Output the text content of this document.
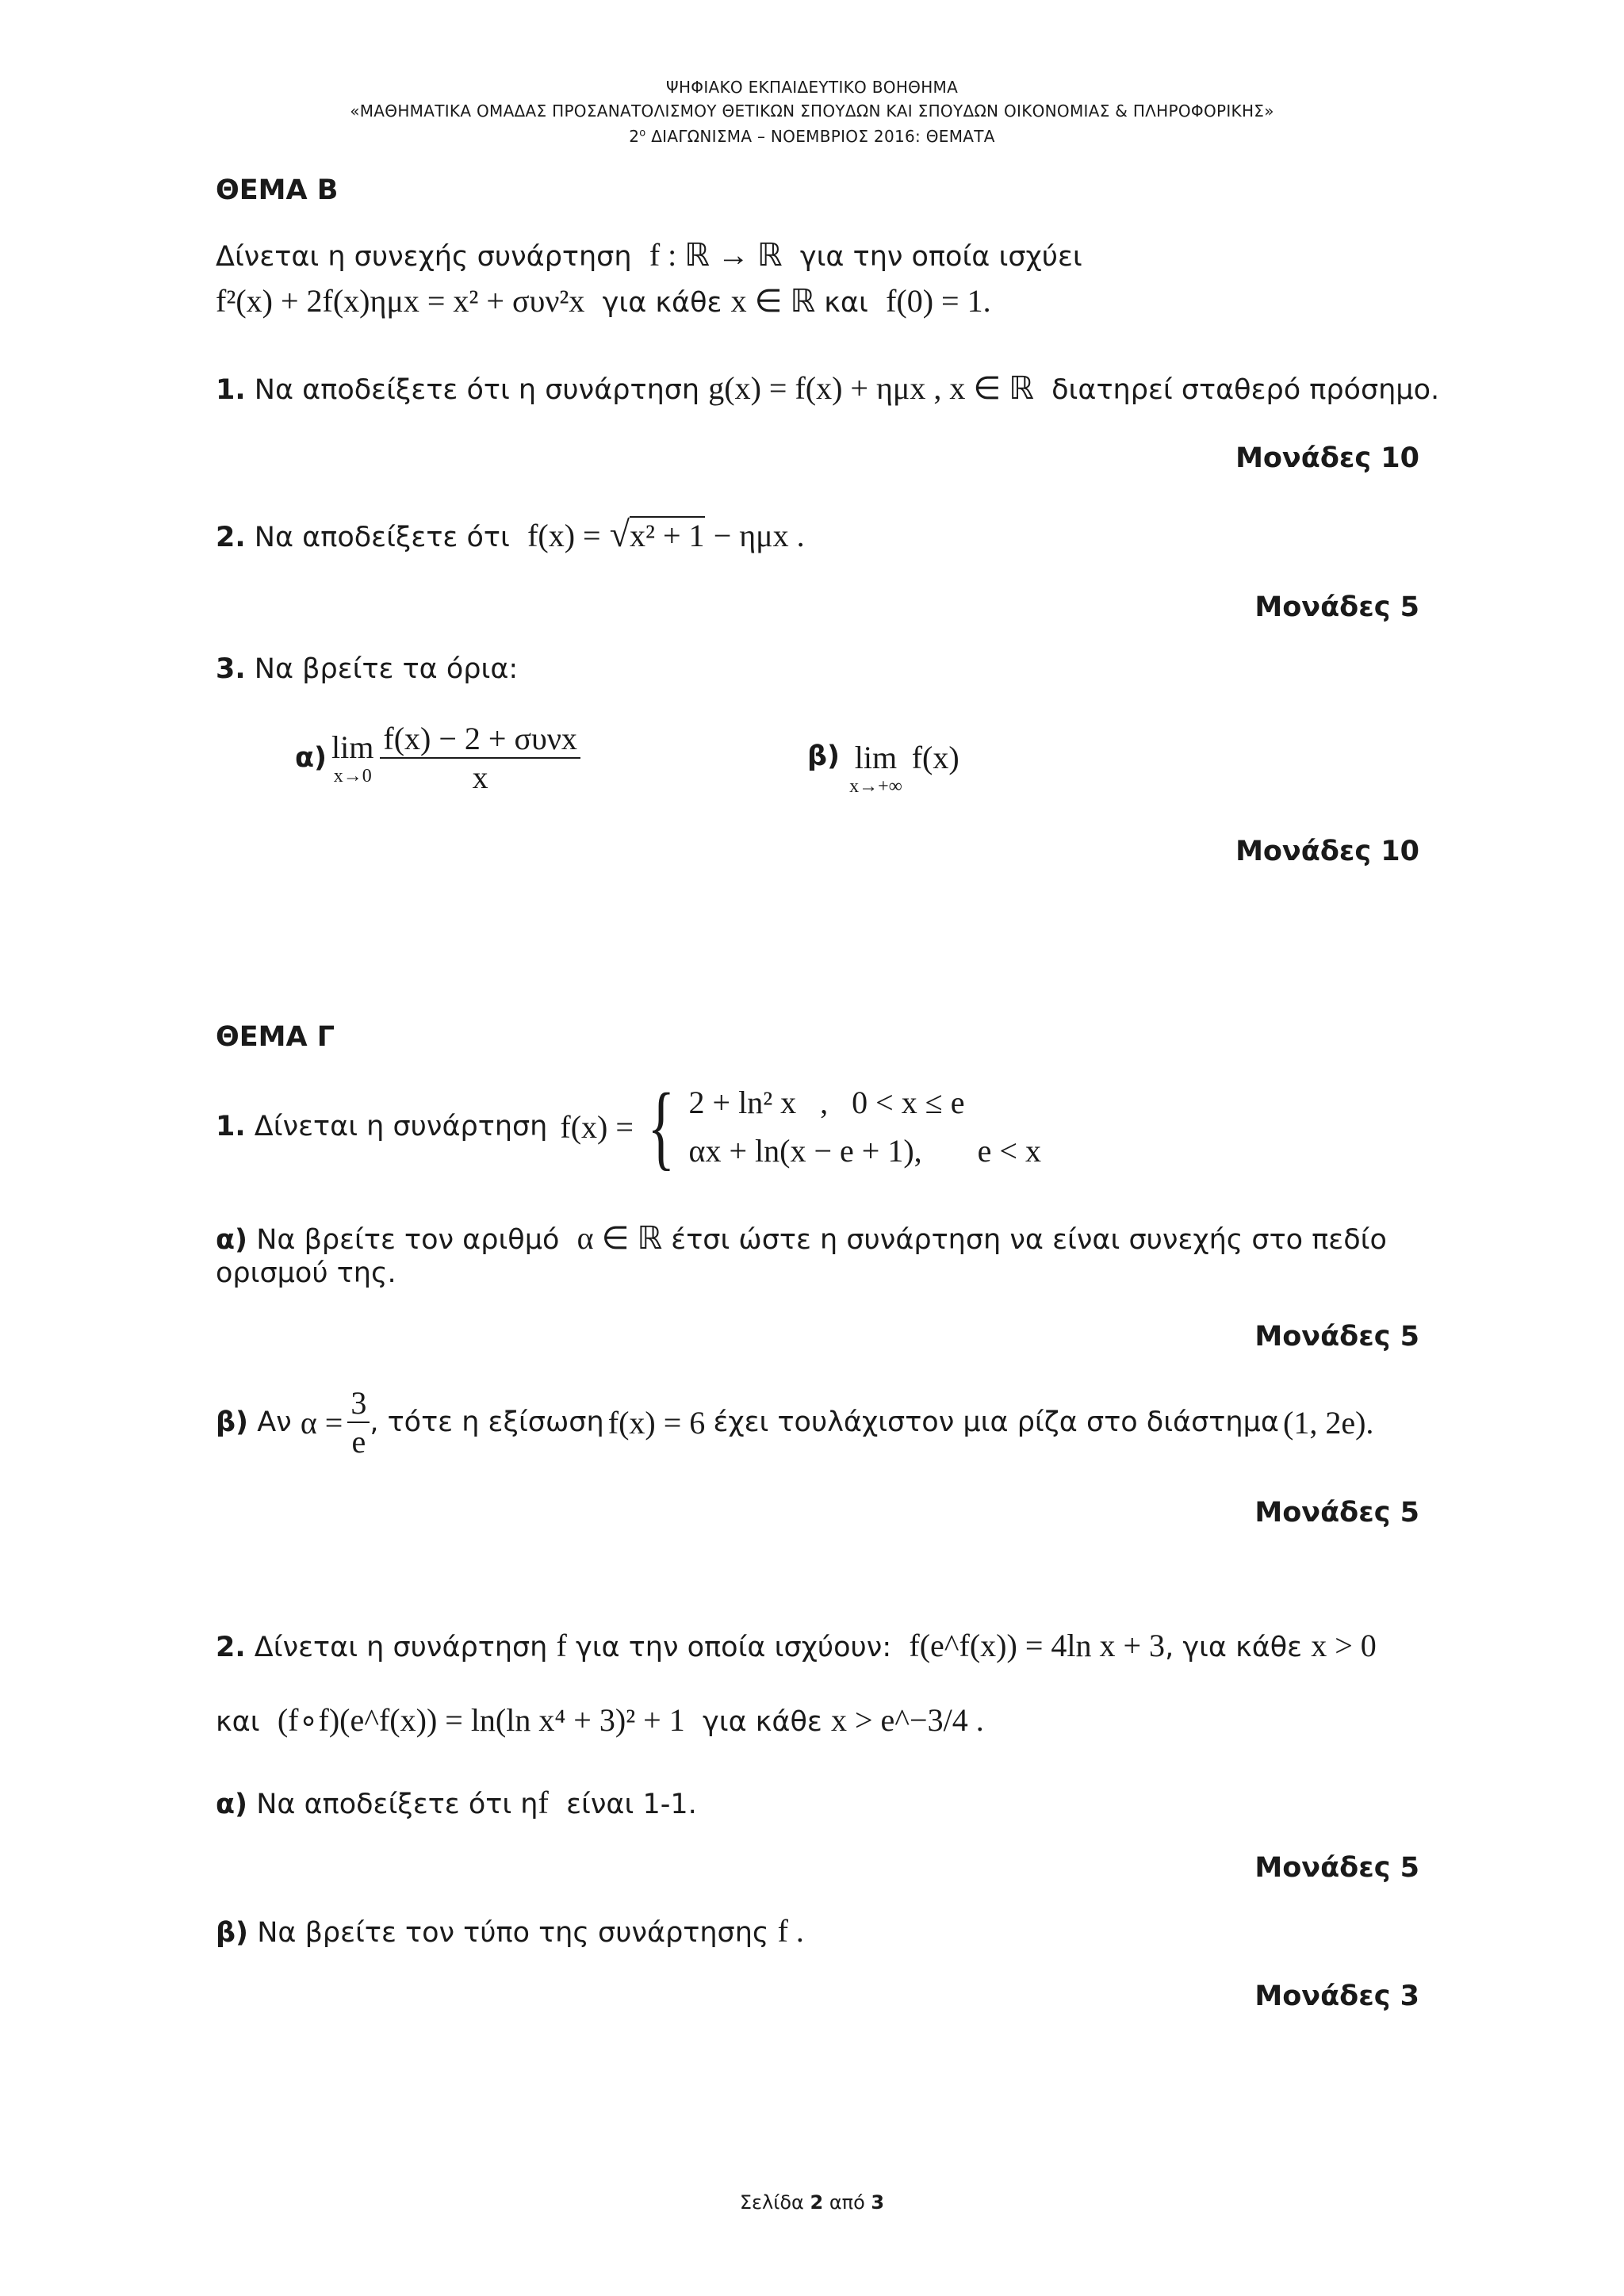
ΨΗΦΙΑΚΟ ΕΚΠΑΙΔΕΥΤΙΚΟ ΒΟΗΘΗΜΑ
«ΜΑΘΗΜΑΤΙΚΑ ΟΜΑΔΑΣ ΠΡΟΣΑΝΑΤΟΛΙΣΜΟΥ ΘΕΤΙΚΩΝ ΣΠΟΥΔΩΝ ΚΑΙ ΣΠΟΥΔΩΝ ΟΙΚΟΝΟΜΙΑΣ & ΠΛΗΡΟΦΟΡΙΚΗΣ»
$2^o$ ΔΙΑΓΩΝΙΣΜΑ – ΝΟΕΜΒΡΙΟΣ 2016: ΘΕΜΑΤΑ
ΘΕΜΑ Β
Δίνεται η συνεχής συνάρτηση f : ℝ → ℝ για την οποία ισχύει
f²(x) + 2f(x)ημx = x² + συν²x για κάθε x ∈ ℝ και f(0) = 1.
1. Να αποδείξετε ότι η συνάρτηση g(x) = f(x) + ημx , x ∈ ℝ διατηρεί σταθερό πρόσημο.
Μονάδες 10
2. Να αποδείξετε ότι f(x) = √x² + 1 − ημx .
Μονάδες 5
3. Να βρείτε τα όρια:
α) lim
$x\to 0 \frac{\text{f(x) − 2 + συνx}}{x}$	β) lim
x→+∞
f(x)
Μονάδες 10
ΘΕΜΑ Γ
1. Δίνεται η συνάρτηση f(x) = { 2 + ln² x   ,   0 < x ≤ e
αx + ln(x − e + 1),       e < x
α) Να βρείτε τον αριθμό α ∈ ℝ έτσι ώστε η συνάρτηση να είναι συνεχής στο πεδίο
ορισμού της.
Μονάδες 5
β) Αν $\alpha = \frac{3}{e}$ , τότε η εξίσωση
f(x) = 6
έχει τουλάχιστον μια ρίζα στο διάστημα
(1, 2e).
Μονάδες 5
2. Δίνεται η συνάρτηση f για την οποία ισχύουν: f(e^f(x)) = 4ln x + 3, για κάθε x > 0
και (f∘f)(e^f(x)) = ln(ln x⁴ + 3)² + 1 για κάθε x > e^−3/4 .
α) Να αποδείξετε ότι ηf είναι 1-1.
Μονάδες 5
β) Να βρείτε τον τύπο της συνάρτησης f .
Μονάδες 3
Σελίδα 2 από 3
